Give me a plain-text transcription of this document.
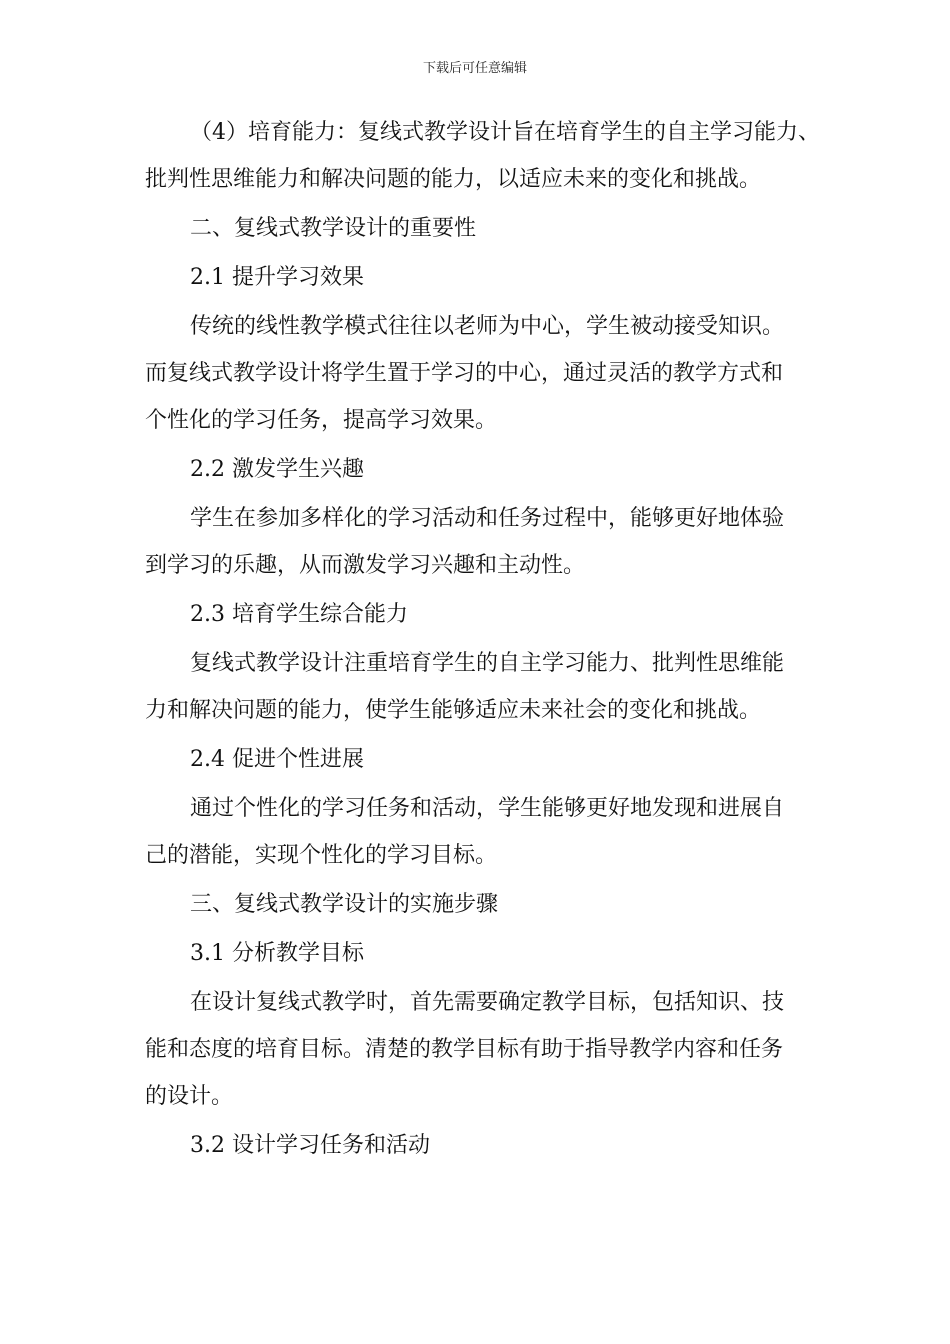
下载后可任意编辑

（4）培育能力：复线式教学设计旨在培育学生的自主学习能力、

批判性思维能力和解决问题的能力，以适应未来的变化和挑战。

二、复线式教学设计的重要性

2.1 提升学习效果

传统的线性教学模式往往以老师为中心，学生被动接受知识。

而复线式教学设计将学生置于学习的中心，通过灵活的教学方式和

个性化的学习任务，提高学习效果。

2.2 激发学生兴趣

学生在参加多样化的学习活动和任务过程中，能够更好地体验

到学习的乐趣，从而激发学习兴趣和主动性。

2.3 培育学生综合能力

复线式教学设计注重培育学生的自主学习能力、批判性思维能

力和解决问题的能力，使学生能够适应未来社会的变化和挑战。

2.4 促进个性进展

通过个性化的学习任务和活动，学生能够更好地发现和进展自

己的潜能，实现个性化的学习目标。

三、复线式教学设计的实施步骤

3.1 分析教学目标

在设计复线式教学时，首先需要确定教学目标，包括知识、技

能和态度的培育目标。清楚的教学目标有助于指导教学内容和任务

的设计。

3.2 设计学习任务和活动
